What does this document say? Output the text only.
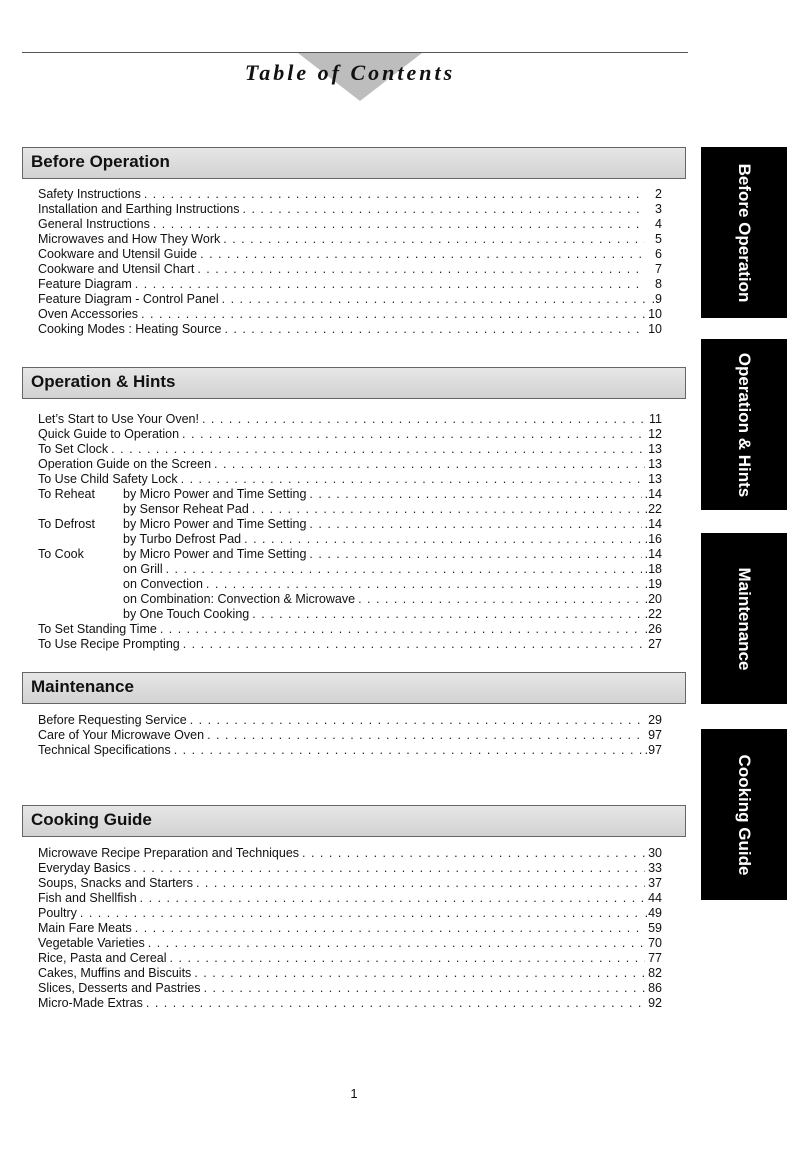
Table of Contents
Before Operation
Safety Instructions . . .	2
Installation and Earthing Instructions . . .	3
General Instructions . . .	4
Microwaves and How They Work . . .	5
Cookware and Utensil Guide . . .	6
Cookware and Utensil Chart . . .	7
Feature Diagram . . .	8
Feature Diagram - Control Panel . . .	.9
Oven Accessories . . .	10
Cooking Modes : Heating Source . . .	10
Operation & Hints
Let’s Start to Use Your Oven! . . .	11
Quick Guide to Operation . . .	12
To Set Clock . . .	13
Operation Guide on the Screen . . .	13
To Use Child Safety Lock . . .	13
To Reheat	by Micro Power and Time Setting . . .	.14
by Sensor Reheat Pad . . .	.22
To Defrost	by Micro Power and Time Setting . . .	.14
by Turbo Defrost Pad . . .	.16
To Cook	by Micro Power and Time Setting . . .	.14
on Grill . . .	.18
on Convection . . .	.19
on Combination: Convection & Microwave . . .	.20
by One Touch Cooking . . .	.22
To Set Standing Time . . .	.26
To Use Recipe Prompting . . .	27
Maintenance
Before Requesting Service . . .	29
Care of Your Microwave Oven . . .	97
Technical Specifications . . .	.97
Cooking Guide
Microwave Recipe Preparation and Techniques . . .	30
Everyday Basics . . .	33
Soups, Snacks and Starters . . .	37
Fish and Shellfish . . .	44
Poultry . . .	.49
Main Fare Meats . . .	59
Vegetable Varieties . . .	70
Rice, Pasta and Cereal . . .	77
Cakes, Muffins and Biscuits . . .	82
Slices, Desserts and Pastries . . .	86
Micro-Made Extras . . .	92
Before Operation
Operation & Hints
Maintenance
Cooking Guide
1
